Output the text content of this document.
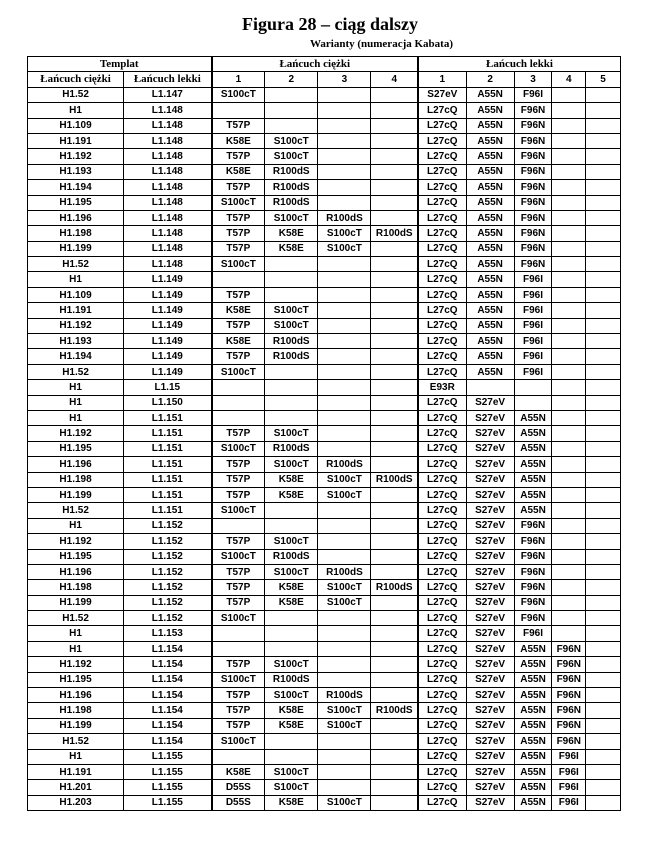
Figura 28 – ciąg dalszy
Warianty (numeracja Kabata)
Templat		Łańcuch ciężki				Łańcuch lekki				
Łańcuch ciężki	Łańcuch lekki	1	2	3	4	1	2	3	4	5
H1.52	L1.147	S100cT				S27eV	A55N	F96I		
H1	L1.148					L27cQ	A55N	F96N		
H1.109	L1.148	T57P				L27cQ	A55N	F96N		
H1.191	L1.148	K58E	S100cT			L27cQ	A55N	F96N		
H1.192	L1.148	T57P	S100cT			L27cQ	A55N	F96N		
H1.193	L1.148	K58E	R100dS			L27cQ	A55N	F96N		
H1.194	L1.148	T57P	R100dS			L27cQ	A55N	F96N		
H1.195	L1.148	S100cT	R100dS			L27cQ	A55N	F96N		
H1.196	L1.148	T57P	S100cT	R100dS		L27cQ	A55N	F96N		
H1.198	L1.148	T57P	K58E	S100cT	R100dS	L27cQ	A55N	F96N		
H1.199	L1.148	T57P	K58E	S100cT		L27cQ	A55N	F96N		
H1.52	L1.148	S100cT				L27cQ	A55N	F96N		
H1	L1.149					L27cQ	A55N	F96I		
H1.109	L1.149	T57P				L27cQ	A55N	F96I		
H1.191	L1.149	K58E	S100cT			L27cQ	A55N	F96I		
H1.192	L1.149	T57P	S100cT			L27cQ	A55N	F96I		
H1.193	L1.149	K58E	R100dS			L27cQ	A55N	F96I		
H1.194	L1.149	T57P	R100dS			L27cQ	A55N	F96I		
H1.52	L1.149	S100cT				L27cQ	A55N	F96I		
H1	L1.15					E93R				
H1	L1.150					L27cQ	S27eV			
H1	L1.151					L27cQ	S27eV	A55N		
H1.192	L1.151	T57P	S100cT			L27cQ	S27eV	A55N		
H1.195	L1.151	S100cT	R100dS			L27cQ	S27eV	A55N		
H1.196	L1.151	T57P	S100cT	R100dS		L27cQ	S27eV	A55N		
H1.198	L1.151	T57P	K58E	S100cT	R100dS	L27cQ	S27eV	A55N		
H1.199	L1.151	T57P	K58E	S100cT		L27cQ	S27eV	A55N		
H1.52	L1.151	S100cT				L27cQ	S27eV	A55N		
H1	L1.152					L27cQ	S27eV	F96N		
H1.192	L1.152	T57P	S100cT			L27cQ	S27eV	F96N		
H1.195	L1.152	S100cT	R100dS			L27cQ	S27eV	F96N		
H1.196	L1.152	T57P	S100cT	R100dS		L27cQ	S27eV	F96N		
H1.198	L1.152	T57P	K58E	S100cT	R100dS	L27cQ	S27eV	F96N		
H1.199	L1.152	T57P	K58E	S100cT		L27cQ	S27eV	F96N		
H1.52	L1.152	S100cT				L27cQ	S27eV	F96N		
H1	L1.153					L27cQ	S27eV	F96I		
H1	L1.154					L27cQ	S27eV	A55N	F96N	
H1.192	L1.154	T57P	S100cT			L27cQ	S27eV	A55N	F96N	
H1.195	L1.154	S100cT	R100dS			L27cQ	S27eV	A55N	F96N	
H1.196	L1.154	T57P	S100cT	R100dS		L27cQ	S27eV	A55N	F96N	
H1.198	L1.154	T57P	K58E	S100cT	R100dS	L27cQ	S27eV	A55N	F96N	
H1.199	L1.154	T57P	K58E	S100cT		L27cQ	S27eV	A55N	F96N	
H1.52	L1.154	S100cT				L27cQ	S27eV	A55N	F96N	
H1	L1.155					L27cQ	S27eV	A55N	F96I	
H1.191	L1.155	K58E	S100cT			L27cQ	S27eV	A55N	F96I	
H1.201	L1.155	D55S	S100cT			L27cQ	S27eV	A55N	F96I	
H1.203	L1.155	D55S	K58E	S100cT		L27cQ	S27eV	A55N	F96I	
